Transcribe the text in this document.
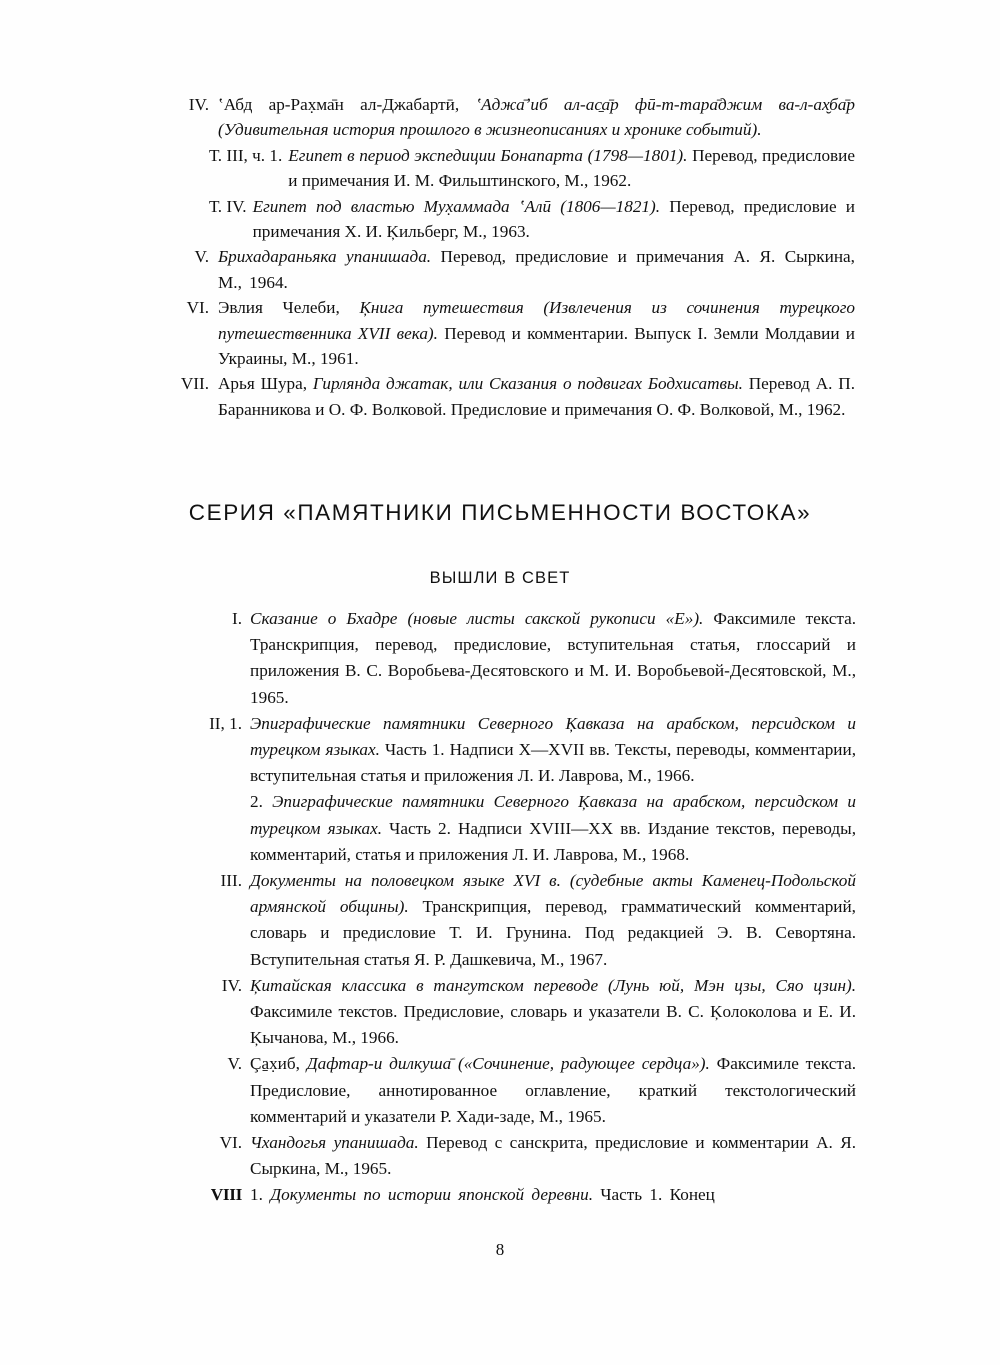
IV. ʽАбд ар-Раx̣ма̄н ал-Джабартӣ, ʽАджа̄ʼиб ал-ас̱а̄р фӣ-т-тара̄джим ва-л-ах̮ба̄р (Удивительная история прошлого в жизнеописаниях и хронике событий).
Т. III, ч. 1. Египет в период экспедиции Бонапарта (1798—1801). Перевод, предисловие и примечания И. М. Фильштинского, М., 1962.
Т. IV. Египет под властью Муx̣аммада ʽАлӣ (1806—1821). Перевод, предисловие и примечания Х. И. Ķильберг, М., 1963.
V. Бриxадараньяка упанишада. Перевод, предисловие и примечания А. Я. Сыркина, М., 1964.
VI. Эвлия Челеби, Ķнига путешествия (Извлечения из сочинения турецкого путешественника XVII века). Перевод и комментарии. Выпуск I. Земли Молдавии и Украины, М., 1961.
VII. Арья Шура, Гирлянда джатак, или Сказания о подвигах Бодхисатвы. Перевод А. П. Баранникова и О. Ф. Волковой. Предисловие и примечания О. Ф. Волковой, М., 1962.
СЕРИЯ «ПАМЯТНИКИ ПИСЬМЕННОСТИ ВОСТОКА»
ВЫШЛИ В СВЕТ
I. Сказание о Бхадре (новые листы сакской рукописи «Е»). Факсимиле текста. Транскрипция, перевод, предисловие, вступительная статья, глоссарий и приложения В. С. Воробьева-Десятовского и М. И. Воробьевой-Десятовской, М., 1965.
II, 1. Эпиграфические памятники Северного Ķавказа на арабском, персидском и турецком языках. Часть 1. Надписи X—XVII вв. Тексты, переводы, комментарии, вступительная статья и приложения Л. И. Лаврова, М., 1966.
2. Эпиграфические памятники Северного Ķавказа на арабском, персидском и турецком языках. Часть 2. Надписи XVIII—XX вв. Издание текстов, переводы, комментарий, статья и приложения Л. И. Лаврова, М., 1968.
III. Документы на половецком языке XVI в. (судебные акты Каменец-Подольской армянской общины). Транскрипция, перевод, грамматический комментарий, словарь и предисловие Т. И. Грунина. Под редакцией Э. В. Севортяна. Вступительная статья Я. Р. Дашкевича, М., 1967.
IV. Ķитайская классика в тангутском переводе (Лунь юй, Мэн цзы, Сяо цзин). Факсимиле текстов. Предисловие, словарь и указатели В. С. Ķолоколова и Е. И. Ķычанова, М., 1966.
V. Ça̱x̣иб, Дафтар-и дилкуша̄ («Сочинение, радующее сердца»). Факсимиле текста. Предисловие, аннотированное оглавление, краткий текстологический комментарий и указатели Р. Хади-заде, М., 1965.
VI. Чхандогья упанишада. Перевод с санскрита, предисловие и комментарии А. Я. Сыркина, М., 1965.
VIII 1. Документы по истории японской деревни. Часть 1. Конец
8
